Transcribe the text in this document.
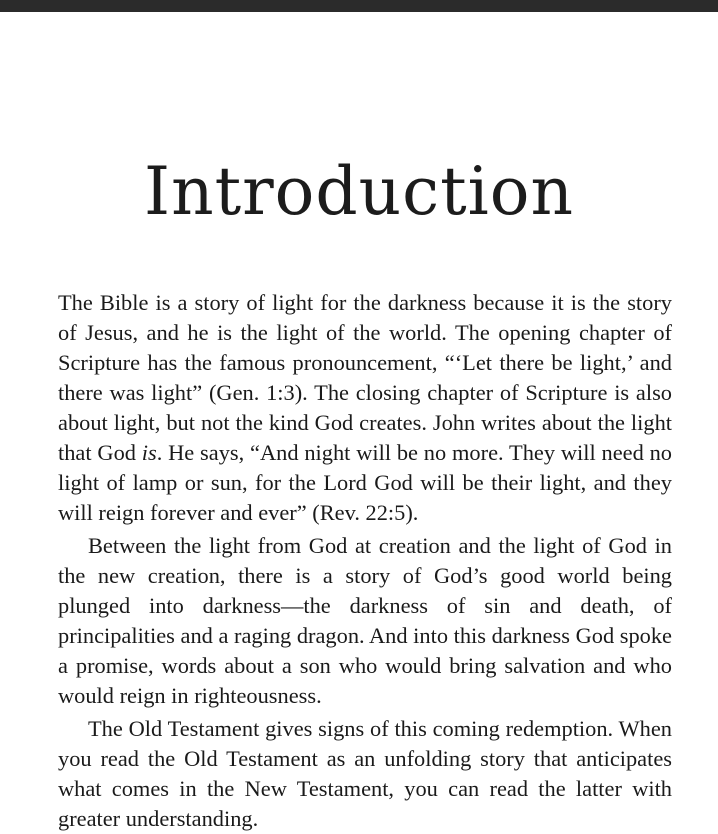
Introduction

The Bible is a story of light for the darkness because it is the story of Jesus, and he is the light of the world. The opening chapter of Scripture has the famous pronouncement, “‘Let there be light,’ and there was light” (Gen. 1:3). The closing chapter of Scripture is also about light, but not the kind God creates. John writes about the light that God is. He says, “And night will be no more. They will need no light of lamp or sun, for the Lord God will be their light, and they will reign forever and ever” (Rev. 22:5).

Between the light from God at creation and the light of God in the new creation, there is a story of God’s good world being plunged into darkness—the darkness of sin and death, of principalities and a raging dragon. And into this darkness God spoke a promise, words about a son who would bring salvation and who would reign in righteousness.

The Old Testament gives signs of this coming redemption. When you read the Old Testament as an unfolding story that anticipates what comes in the New Testament, you can read the latter with greater understanding.
